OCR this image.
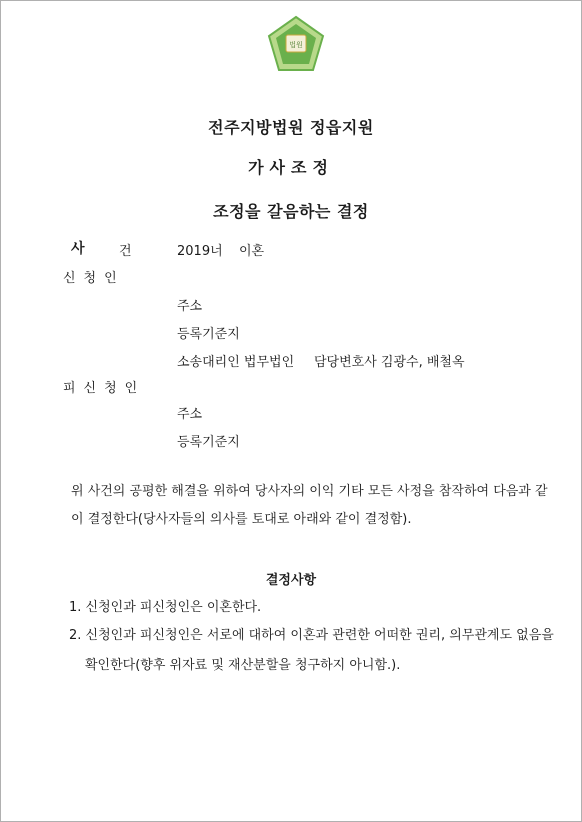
법원
전주지방법원 정읍지원
가사조정
조정을 갈음하는 결정
사	건	2019너 이혼
신청인
주소
등록기준지
소송대리인 법무법인 담당변호사 김광수, 배철옥
피신청인
주소
등록기준지
위 사건의 공평한 해결을 위하여 당사자의 이익 기타 모든 사정을 참작하여 다음과 같
이 결정한다(당사자들의 의사를 토대로 아래와 같이 결정함).
결정사항
1. 신청인과 피신청인은 이혼한다.
2. 신청인과 피신청인은 서로에 대하여 이혼과 관련한 어떠한 권리, 의무관계도 없음을
확인한다(향후 위자료 및 재산분할을 청구하지 아니함.).
